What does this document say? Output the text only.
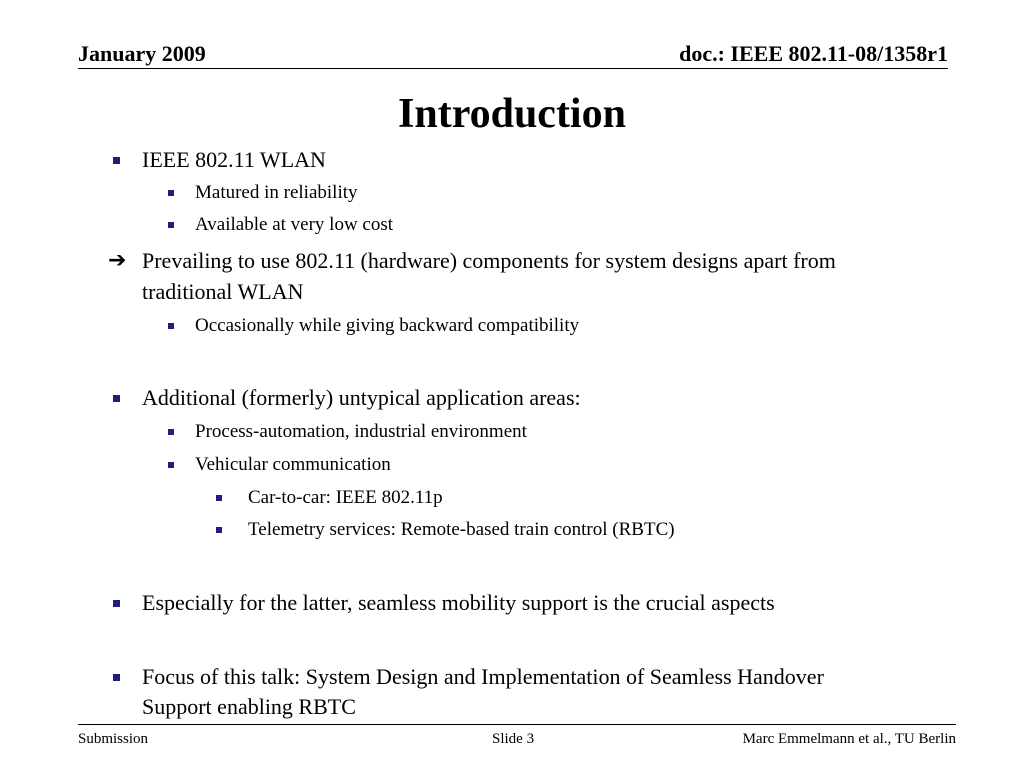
January 2009	doc.: IEEE 802.11-08/1358r1
Introduction
IEEE 802.11 WLAN
Matured in reliability
Available at very low cost
➔ Prevailing to use 802.11 (hardware) components for system designs apart from
traditional WLAN
Occasionally while giving backward compatibility
Additional (formerly) untypical application areas:
Process-automation, industrial environment
Vehicular communication
Car-to-car: IEEE 802.11p
Telemetry services: Remote-based train control (RBTC)
Especially for the latter, seamless mobility support is the crucial aspects
Focus of this talk: System Design and Implementation of Seamless Handover
Support enabling RBTC
Submission	Slide 3	Marc Emmelmann et al., TU Berlin
